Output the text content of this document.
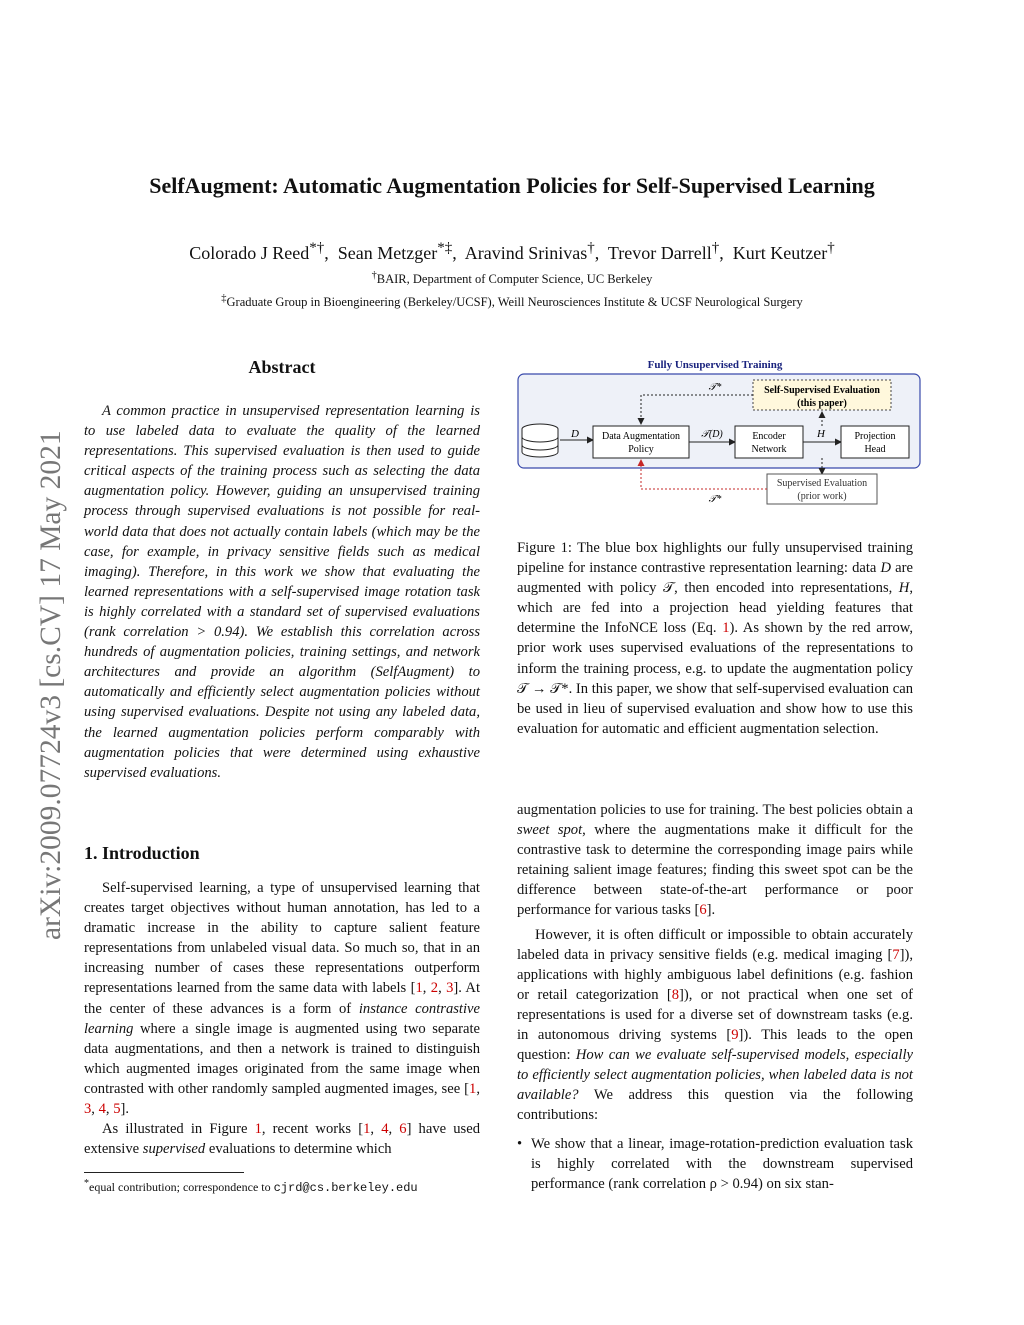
arXiv:2009.07724v3 [cs.CV] 17 May 2021
SelfAugment: Automatic Augmentation Policies for Self-Supervised Learning
Colorado J Reed*†,  Sean Metzger*‡,  Aravind Srinivas†,  Trevor Darrell†,  Kurt Keutzer†
†BAIR, Department of Computer Science, UC Berkeley
‡Graduate Group in Bioengineering (Berkeley/UCSF), Weill Neurosciences Institute & UCSF Neurological Surgery
Abstract

A common practice in unsupervised representation learning is to use labeled data to evaluate the quality of the learned representations. This supervised evaluation is then used to guide critical aspects of the training process such as selecting the data augmentation policy. However, guiding an unsupervised training process through supervised evaluations is not possible for real-world data that does not actually contain labels (which may be the case, for example, in privacy sensitive fields such as medical imaging). Therefore, in this work we show that evaluating the learned representations with a self-supervised image rotation task is highly correlated with a standard set of supervised evaluations (rank correlation > 0.94). We establish this correlation across hundreds of augmentation policies, training settings, and network architectures and provide an algorithm (SelfAugment) to automatically and efficiently select augmentation policies without using supervised evaluations. Despite not using any labeled data, the learned augmentation policies perform comparably with augmentation policies that were determined using exhaustive supervised evaluations.

1. Introduction

Self-supervised learning, a type of unsupervised learning that creates target objectives without human annotation, has led to a dramatic increase in the ability to capture salient feature representations from unlabeled visual data. So much so, that in an increasing number of cases these representations outperform representations learned from the same data with labels [1, 2, 3]. At the center of these advances is a form of instance contrastive learning where a single image is augmented using two separate data augmentations, and then a network is trained to distinguish which augmented images originated from the same image when contrasted with other randomly sampled augmented images, see [1, 3, 4, 5].

As illustrated in Figure 1, recent works [1, 4, 6] have used extensive supervised evaluations to determine which

*equal contribution; correspondence to cjrd@cs.berkeley.edu
Fully Unsupervised Training
Self-Supervised Evaluation
(this paper)
D Data Augmentation
Policy
𝒯(D)	Encoder
Network
H	Projection
Head
𝒯*
Supervised Evaluation
(prior work)
𝒯*

Figure 1: The blue box highlights our fully unsupervised training pipeline for instance contrastive representation learning: data D are augmented with policy 𝒯, then encoded into representations, H, which are fed into a projection head yielding features that determine the InfoNCE loss (Eq. 1). As shown by the red arrow, prior work uses supervised evaluations of the representations to inform the training process, e.g. to update the augmentation policy 𝒯 → 𝒯*. In this paper, we show that self-supervised evaluation can be used in lieu of supervised evaluation and show how to use this evaluation for automatic and efficient augmentation selection.

augmentation policies to use for training. The best policies obtain a sweet spot, where the augmentations make it difficult for the contrastive task to determine the corresponding image pairs while retaining salient image features; finding this sweet spot can be the difference between state-of-the-art performance or poor performance for various tasks [6].

However, it is often difficult or impossible to obtain accurately labeled data in privacy sensitive fields (e.g. medical imaging [7]), applications with highly ambiguous label definitions (e.g. fashion or retail categorization [8]), or not practical when one set of representations is used for a diverse set of downstream tasks (e.g. in autonomous driving systems [9]). This leads to the open question: How can we evaluate self-supervised models, especially to efficiently select augmentation policies, when labeled data is not available? We address this question via the following contributions:

• We show that a linear, image-rotation-prediction evaluation task is highly correlated with the downstream supervised performance (rank correlation ρ > 0.94) on six stan-
